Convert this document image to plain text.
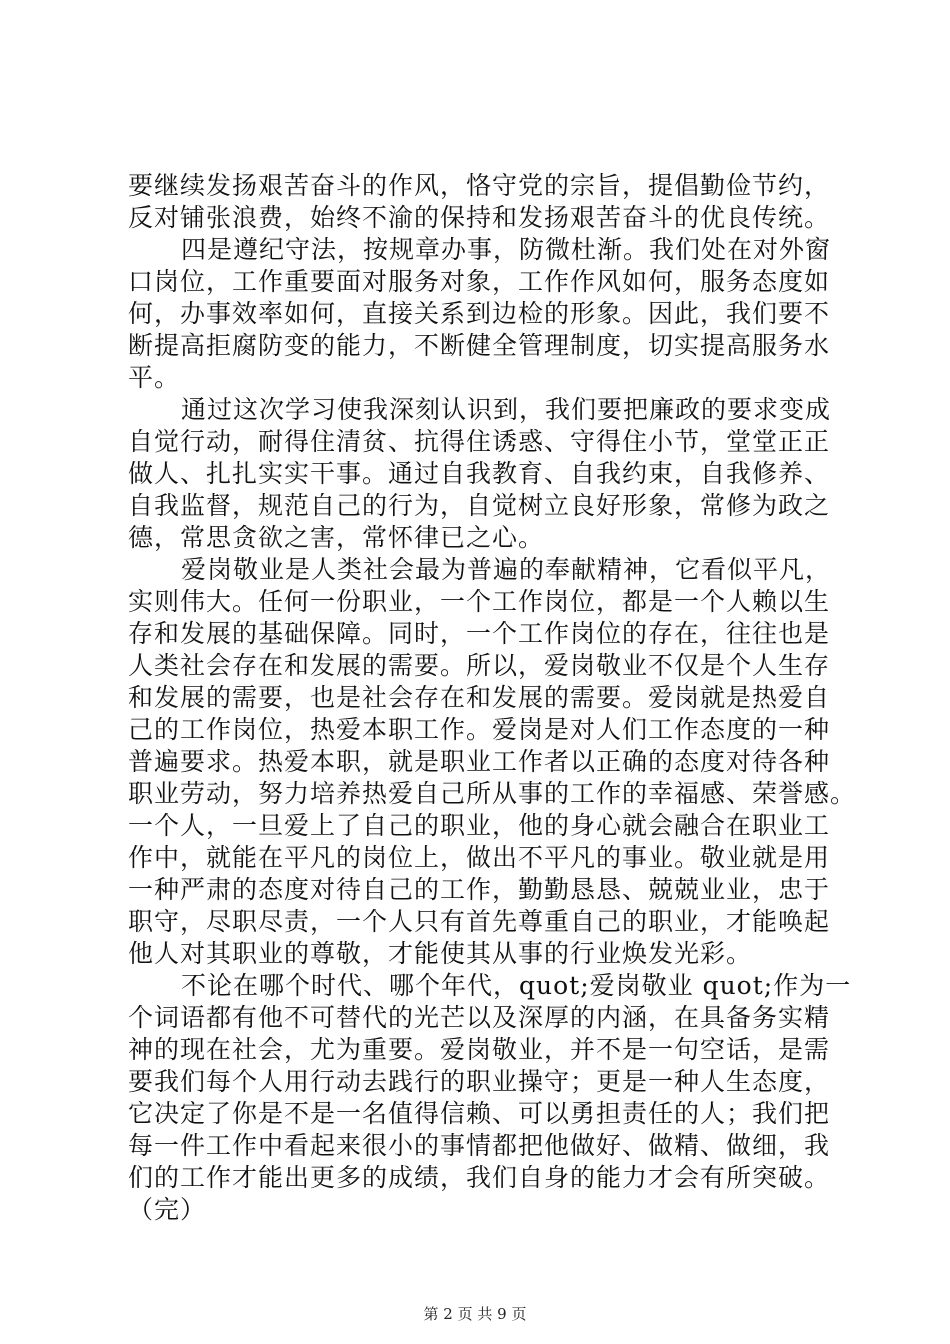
要继续发扬艰苦奋斗的作风，恪守党的宗旨，提倡勤俭节约，
反对铺张浪费，始终不渝的保持和发扬艰苦奋斗的优良传统。
四是遵纪守法，按规章办事，防微杜渐。我们处在对外窗
口岗位，工作重要面对服务对象，工作作风如何，服务态度如
何，办事效率如何，直接关系到边检的形象。因此，我们要不
断提高拒腐防变的能力，不断健全管理制度，切实提高服务水
平。
通过这次学习使我深刻认识到，我们要把廉政的要求变成
自觉行动，耐得住清贫、抗得住诱惑、守得住小节，堂堂正正
做人、扎扎实实干事。通过自我教育、自我约束，自我修养、
自我监督，规范自己的行为，自觉树立良好形象，常修为政之
德，常思贪欲之害，常怀律已之心。
爱岗敬业是人类社会最为普遍的奉献精神，它看似平凡，
实则伟大。任何一份职业，一个工作岗位，都是一个人赖以生
存和发展的基础保障。同时，一个工作岗位的存在，往往也是
人类社会存在和发展的需要。所以，爱岗敬业不仅是个人生存
和发展的需要，也是社会存在和发展的需要。爱岗就是热爱自
己的工作岗位，热爱本职工作。爱岗是对人们工作态度的一种
普遍要求。热爱本职，就是职业工作者以正确的态度对待各种
职业劳动，努力培养热爱自己所从事的工作的幸福感、荣誉感。
一个人，一旦爱上了自己的职业，他的身心就会融合在职业工
作中，就能在平凡的岗位上，做出不平凡的事业。敬业就是用
一种严肃的态度对待自己的工作，勤勤恳恳、兢兢业业，忠于
职守，尽职尽责，一个人只有首先尊重自己的职业，才能唤起
他人对其职业的尊敬，才能使其从事的行业焕发光彩。
不论在哪个时代、哪个年代，quot;爱岗敬业 quot;作为一
个词语都有他不可替代的光芒以及深厚的内涵，在具备务实精
神的现在社会，尤为重要。爱岗敬业，并不是一句空话，是需
要我们每个人用行动去践行的职业操守；更是一种人生态度，
它决定了你是不是一名值得信赖、可以勇担责任的人；我们把
每一件工作中看起来很小的事情都把他做好、做精、做细，我
们的工作才能出更多的成绩，我们自身的能力才会有所突破。
（完）
第 2 页 共 9 页
